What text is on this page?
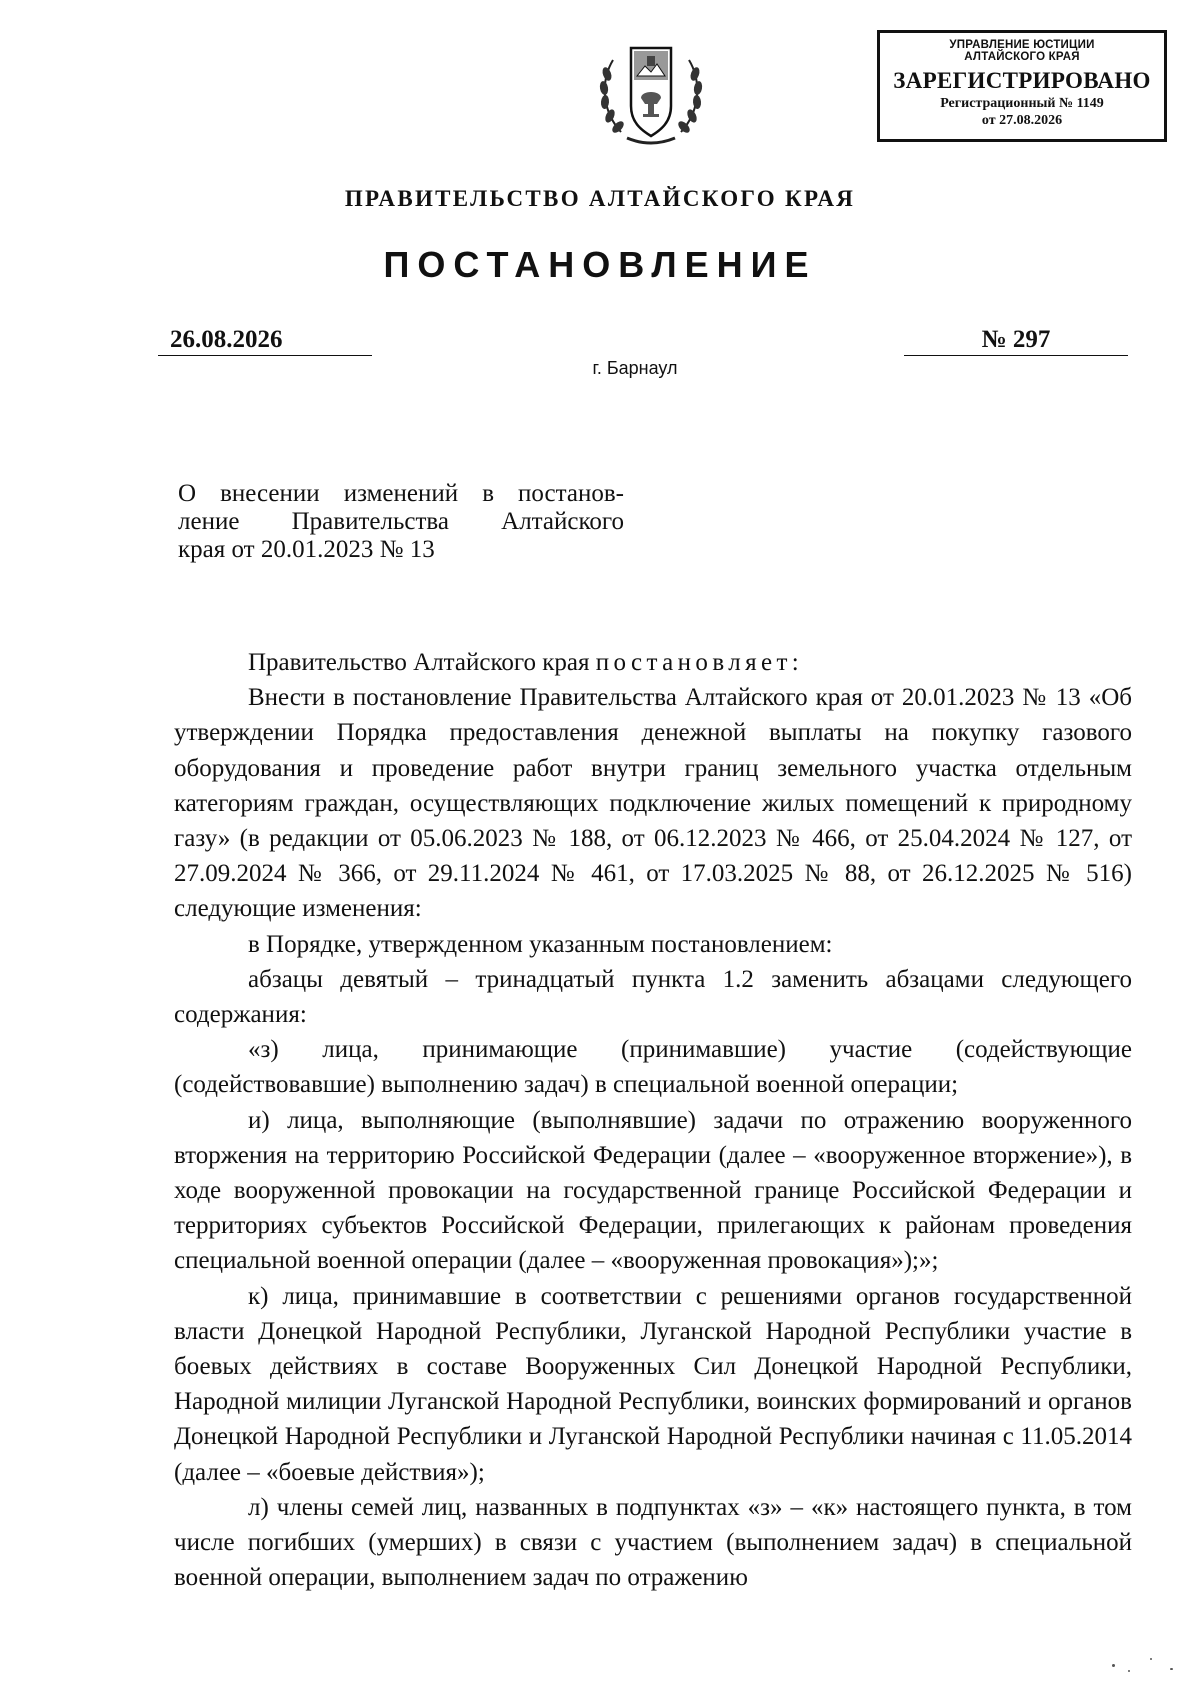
УПРАВЛЕНИЕ ЮСТИЦИИ
АЛТАЙСКОГО КРАЯ
ЗАРЕГИСТРИРОВАНО
Регистрационный № 1149
от 27.08.2026
ПРАВИТЕЛЬСТВО АЛТАЙСКОГО КРАЯ
ПОСТАНОВЛЕНИЕ
26.08.2026	№ 297
г. Барнаул
О внесении изменений в постанов-
ление Правительства Алтайского
края от 20.01.2023 № 13

Правительство Алтайского края постановляет:

Внести в постановление Правительства Алтайского края от 20.01.2023 № 13 «Об утверждении Порядка предоставления денежной выплаты на покупку газового оборудования и проведение работ внутри границ земельного участка отдельным категориям граждан, осуществляющих подключение жилых помещений к природному газу» (в редакции от 05.06.2023 № 188, от 06.12.2023 № 466, от 25.04.2024 № 127, от 27.09.2024 № 366, от 29.11.2024 № 461, от 17.03.2025 № 88, от 26.12.2025 № 516) следующие изменения:

в Порядке, утвержденном указанным постановлением:

абзацы девятый – тринадцатый пункта 1.2 заменить абзацами следующего содержания:

«з) лица, принимающие (принимавшие) участие (содействующие (содействовавшие) выполнению задач) в специальной военной операции;

и) лица, выполняющие (выполнявшие) задачи по отражению вооруженного вторжения на территорию Российской Федерации (далее – «вооруженное вторжение»), в ходе вооруженной провокации на государственной границе Российской Федерации и территориях субъектов Российской Федерации, прилегающих к районам проведения специальной военной операции (далее – «вооруженная провокация»);»;

к) лица, принимавшие в соответствии с решениями органов государственной власти Донецкой Народной Республики, Луганской Народной Республики участие в боевых действиях в составе Вооруженных Сил Донецкой Народной Республики, Народной милиции Луганской Народной Республики, воинских формирований и органов Донецкой Народной Республики и Луганской Народной Республики начиная с 11.05.2014 (далее – «боевые действия»);

л) члены семей лиц, названных в подпунктах «з» – «к» настоящего пункта, в том числе погибших (умерших) в связи с участием (выполнением задач) в специальной военной операции, выполнением задач по отражению
